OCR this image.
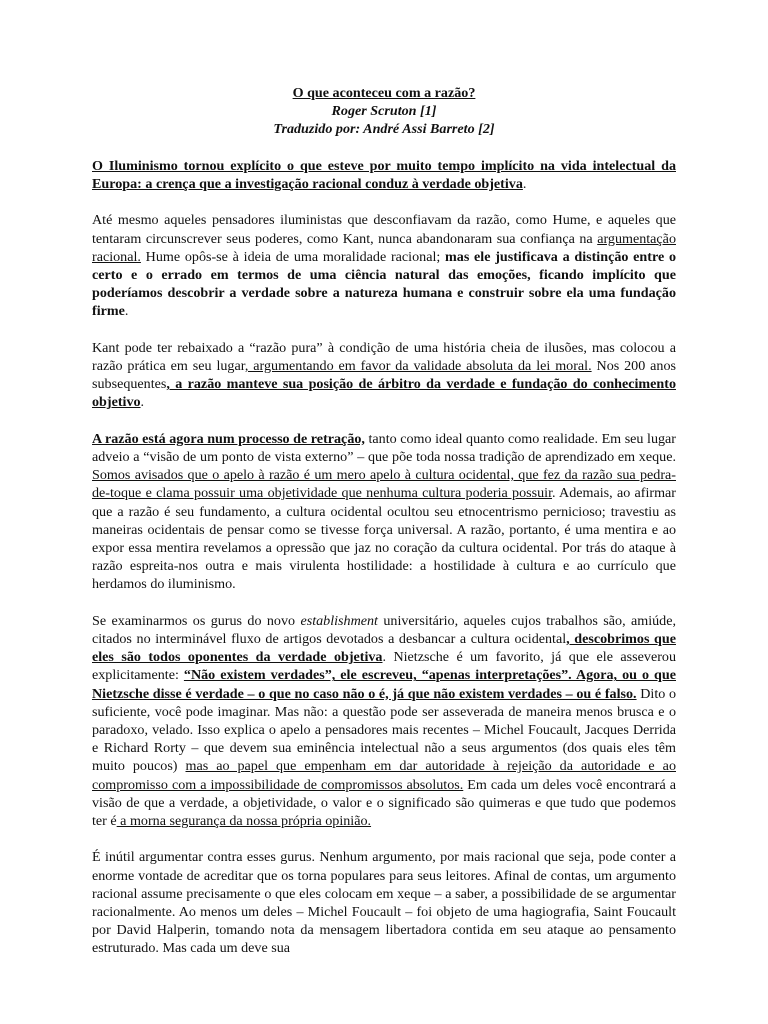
O que aconteceu com a razão?
Roger Scruton [1]
Traduzido por: André Assi Barreto [2]

O Iluminismo tornou explícito o que esteve por muito tempo implícito na vida intelectual da Europa: a crença que a investigação racional conduz à verdade objetiva.

Até mesmo aqueles pensadores iluministas que desconfiavam da razão, como Hume, e aqueles que tentaram circunscrever seus poderes, como Kant, nunca abandonaram sua confiança na argumentação racional. Hume opôs-se à ideia de uma moralidade racional; mas ele justificava a distinção entre o certo e o errado em termos de uma ciência natural das emoções, ficando implícito que poderíamos descobrir a verdade sobre a natureza humana e construir sobre ela uma fundação firme.

Kant pode ter rebaixado a “razão pura” à condição de uma história cheia de ilusões, mas colocou a razão prática em seu lugar, argumentando em favor da validade absoluta da lei moral. Nos 200 anos subsequentes, a razão manteve sua posição de árbitro da verdade e fundação do conhecimento objetivo.

A razão está agora num processo de retração, tanto como ideal quanto como realidade. Em seu lugar adveio a “visão de um ponto de vista externo” – que põe toda nossa tradição de aprendizado em xeque. Somos avisados que o apelo à razão é um mero apelo à cultura ocidental, que fez da razão sua pedra-de-toque e clama possuir uma objetividade que nenhuma cultura poderia possuir. Ademais, ao afirmar que a razão é seu fundamento, a cultura ocidental ocultou seu etnocentrismo pernicioso; travestiu as maneiras ocidentais de pensar como se tivesse força universal. A razão, portanto, é uma mentira e ao expor essa mentira revelamos a opressão que jaz no coração da cultura ocidental. Por trás do ataque à razão espreita-nos outra e mais virulenta hostilidade: a hostilidade à cultura e ao currículo que herdamos do iluminismo.

Se examinarmos os gurus do novo establishment universitário, aqueles cujos trabalhos são, amiúde, citados no interminável fluxo de artigos devotados a desbancar a cultura ocidental, descobrimos que eles são todos oponentes da verdade objetiva. Nietzsche é um favorito, já que ele asseverou explicitamente: “Não existem verdades”, ele escreveu, “apenas interpretações”. Agora, ou o que Nietzsche disse é verdade – o que no caso não o é, já que não existem verdades – ou é falso. Dito o suficiente, você pode imaginar. Mas não: a questão pode ser asseverada de maneira menos brusca e o paradoxo, velado. Isso explica o apelo a pensadores mais recentes – Michel Foucault, Jacques Derrida e Richard Rorty – que devem sua eminência intelectual não a seus argumentos (dos quais eles têm muito poucos) mas ao papel que empenham em dar autoridade à rejeição da autoridade e ao compromisso com a impossibilidade de compromissos absolutos. Em cada um deles você encontrará a visão de que a verdade, a objetividade, o valor e o significado são quimeras e que tudo que podemos ter é a morna segurança da nossa própria opinião.

É inútil argumentar contra esses gurus. Nenhum argumento, por mais racional que seja, pode conter a enorme vontade de acreditar que os torna populares para seus leitores. Afinal de contas, um argumento racional assume precisamente o que eles colocam em xeque – a saber, a possibilidade de se argumentar racionalmente. Ao menos um deles – Michel Foucault – foi objeto de uma hagiografia, Saint Foucault por David Halperin, tomando nota da mensagem libertadora contida em seu ataque ao pensamento estruturado. Mas cada um deve sua
